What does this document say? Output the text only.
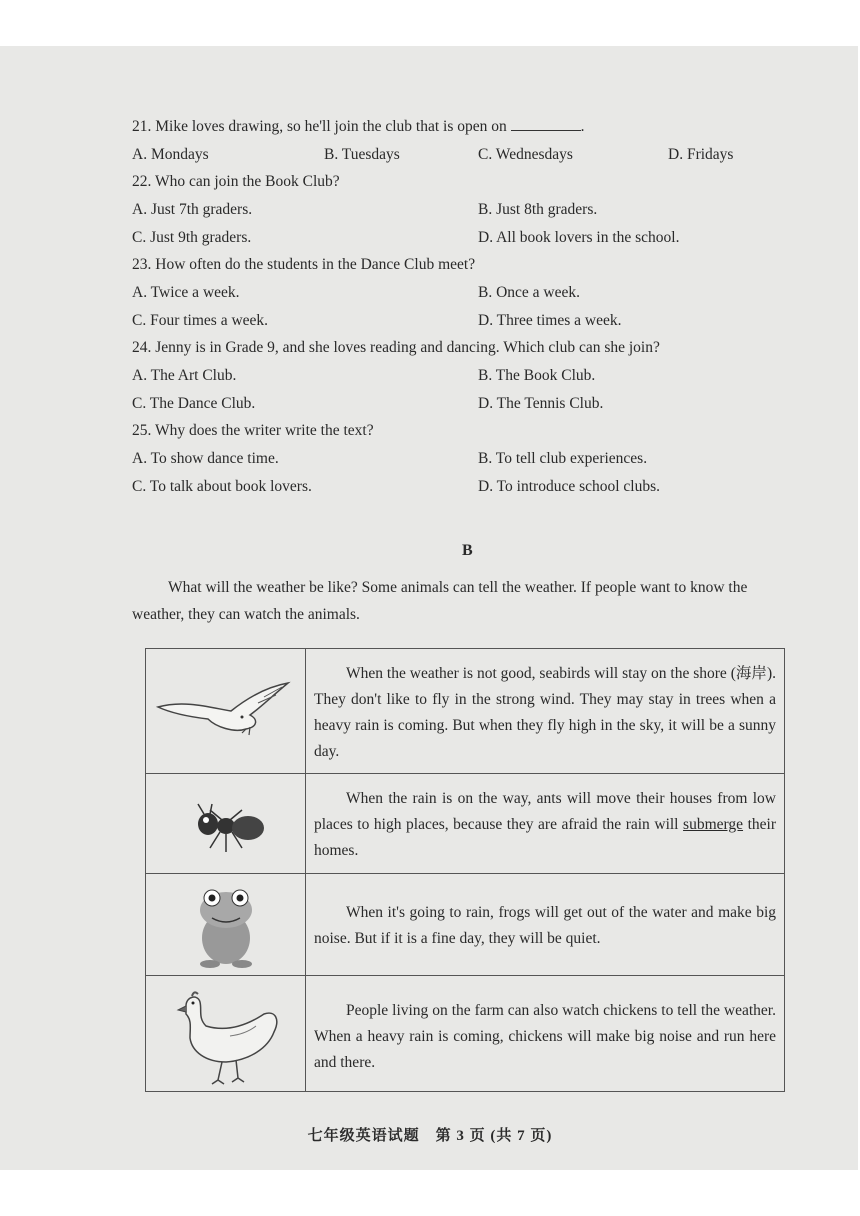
21. Mike loves drawing, so he'll join the club that is open on	.
A. Mondays	B. Tuesdays	C. Wednesdays	D. Fridays
22. Who can join the Book Club?
A. Just 7th graders.	B. Just 8th graders.
C. Just 9th graders.	D. All book lovers in the school.
23. How often do the students in the Dance Club meet?
A. Twice a week.	B. Once a week.
C. Four times a week.	D. Three times a week.
24. Jenny is in Grade 9, and she loves reading and dancing. Which club can she join?
A. The Art Club.	B. The Book Club.
C. The Dance Club.	D. The Tennis Club.
25. Why does the writer write the text?
A. To show dance time.	B. To tell club experiences.
C. To talk about book lovers.	D. To introduce school clubs.
B
What will the weather be like? Some animals can tell the weather. If people want to know the weather, they can watch the animals.

When the weather is not good, seabirds will stay on the shore (海岸). They don't like to fly in the strong wind. They may stay in trees when a heavy rain is coming. But when they fly high in the sky, it will be a sunny day.

When the rain is on the way, ants will move their houses from low places to high places, because they are afraid the rain will submerge their homes.

When it's going to rain, frogs will get out of the water and make big noise. But if it is a fine day, they will be quiet.

People living on the farm can also watch chickens to tell the weather. When a heavy rain is coming, chickens will make big noise and run here and there.

七年级英语试题　第 3 页 (共 7 页)
